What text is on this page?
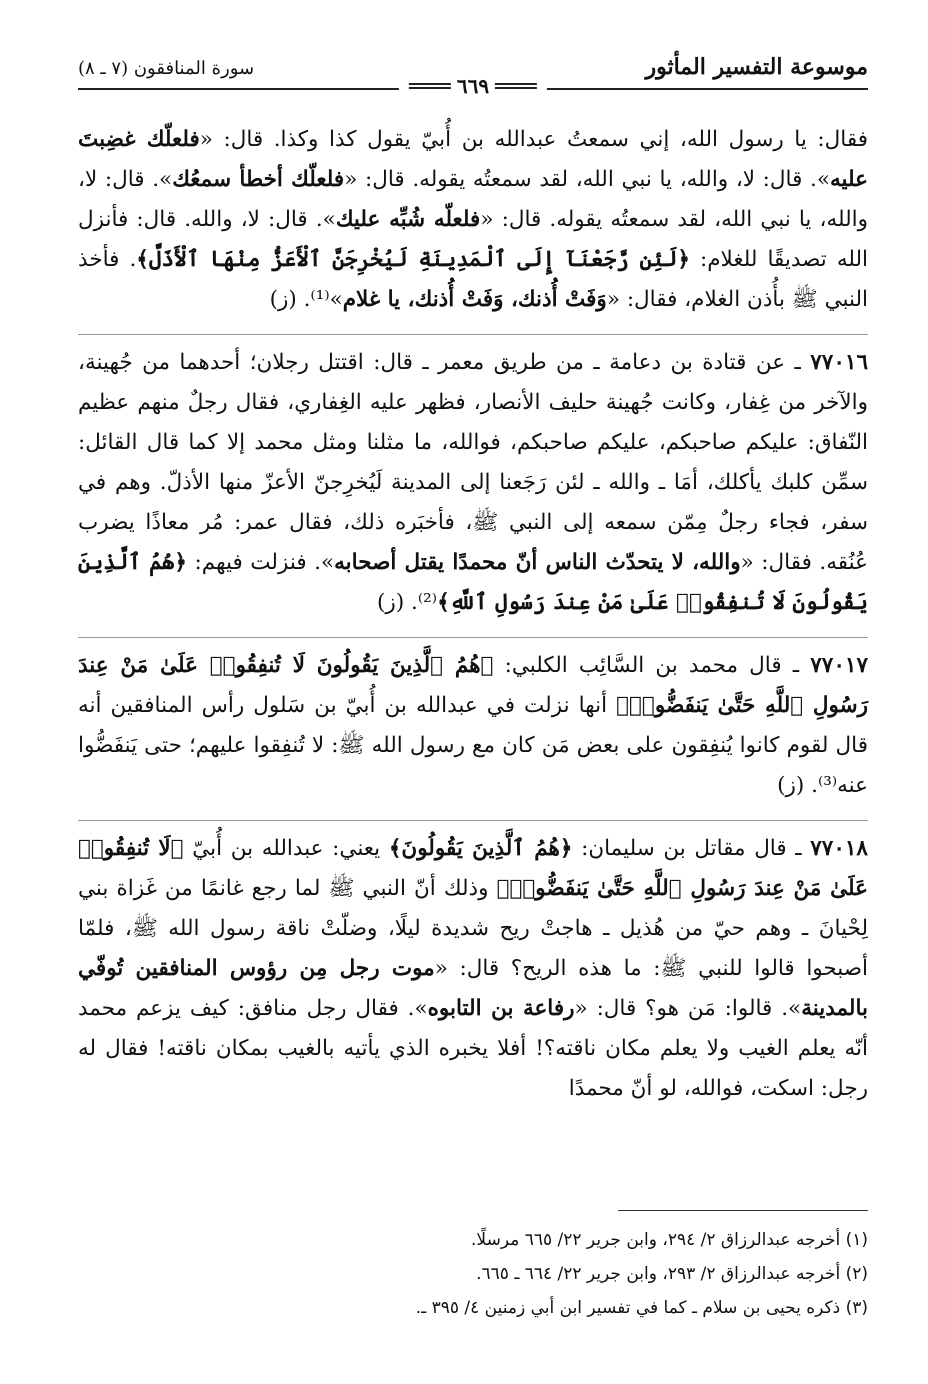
موسوعة التفسير المأثور
سورة المنافقون (٧ ـ ٨)
٦٦٩

فقال: يا رسول الله، إني سمعتُ عبدالله بن أُبيّ يقول كذا وكذا. قال: «فلعلّك غضِبتَ عليه». قال: لا، والله، يا نبي الله، لقد سمعتُه يقوله. قال: «فلعلّك أخطأ سمعُك». قال: لا، والله، يا نبي الله، لقد سمعتُه يقوله. قال: «فلعلّه شُبِّه عليك». قال: لا، والله. قال: فأنزل الله تصديقًا للغلام: ﴿لَئِن رَّجَعْنَآ إِلَى ٱلْمَدِينَةِ لَيُخْرِجَنَّ ٱلْأَعَزُّ مِنْهَا ٱلْأَذَلَّ﴾. فأخذ النبي ﷺ بأُذن الغلام، فقال: «وَفَتْ أُذنك، وَفَتْ أُذنك، يا غلام»⁽¹⁾. (ز)

٧٧٠١٦ ـ عن قتادة بن دعامة ـ من طريق معمر ـ قال: اقتتل رجلان؛ أحدهما من جُهينة، والآخر من غِفار، وكانت جُهينة حليف الأنصار، فظهر عليه الغِفاري، فقال رجلٌ منهم عظيم النّفاق: عليكم صاحبكم، عليكم صاحبكم، فوالله، ما مثلنا ومثل محمد إلا كما قال القائل: سمِّن كلبك يأكلك، أمَا ـ والله ـ لئن رَجَعنا إلى المدينة لَيُخرِجنّ الأعزّ منها الأذلّ. وهم في سفر، فجاء رجلٌ مِمّن سمعه إلى النبي ﷺ، فأخبَره ذلك، فقال عمر: مُر معاذًا يضرب عُنُقه. فقال: «والله، لا يتحدّث الناس أنّ محمدًا يقتل أصحابه». فنزلت فيهم: ﴿هُمُ ٱلَّذِينَ يَقُولُونَ لَا تُنفِقُوا۟ عَلَىٰ مَنْ عِندَ رَسُولِ ٱللَّهِ﴾⁽²⁾. (ز)

٧٧٠١٧ ـ قال محمد بن السَّائِب الكلبي: ﴿هُمُ ٱلَّذِينَ يَقُولُونَ لَا تُنفِقُوا۟ عَلَىٰ مَنْ عِندَ رَسُولِ ٱللَّهِ حَتَّىٰ يَنفَضُّوا۟﴾ أنها نزلت في عبدالله بن أُبيّ بن سَلول رأس المنافقين أنه قال لقوم كانوا يُنفِقون على بعض مَن كان مع رسول الله ﷺ: لا تُنفِقوا عليهم؛ حتى يَنفَضُّوا عنه⁽³⁾. (ز)

٧٧٠١٨ ـ قال مقاتل بن سليمان: ﴿هُمُ ٱلَّذِينَ يَقُولُونَ﴾ يعني: عبدالله بن أُبيّ ﴿لَا تُنفِقُوا۟ عَلَىٰ مَنْ عِندَ رَسُولِ ٱللَّهِ حَتَّىٰ يَنفَضُّوا۟﴾ وذلك أنّ النبي ﷺ لما رجع غانمًا من غَزاة بني لِحْيانَ ـ وهم حيّ من هُذيل ـ هاجتْ ريح شديدة ليلًا، وضلّتْ ناقة رسول الله ﷺ، فلمّا أصبحوا قالوا للنبي ﷺ: ما هذه الريح؟ قال: «موت رجل مِن رؤوس المنافقين تُوفّي بالمدينة». قالوا: مَن هو؟ قال: «رفاعة بن التابوه». فقال رجل منافق: كيف يزعم محمد أنّه يعلم الغيب ولا يعلم مكان ناقته؟! أفلا يخبره الذي يأتيه بالغيب بمكان ناقته! فقال له رجل: اسكت، فوالله، لو أنّ محمدًا

(١) أخرجه عبدالرزاق ٢/ ٢٩٤، وابن جرير ٢٢/ ٦٦٥ مرسلًا.
(٢) أخرجه عبدالرزاق ٢/ ٢٩٣، وابن جرير ٢٢/ ٦٦٤ ـ ٦٦٥.
(٣) ذكره يحيى بن سلام ـ كما في تفسير ابن أبي زمنين ٤/ ٣٩٥ ـ.
